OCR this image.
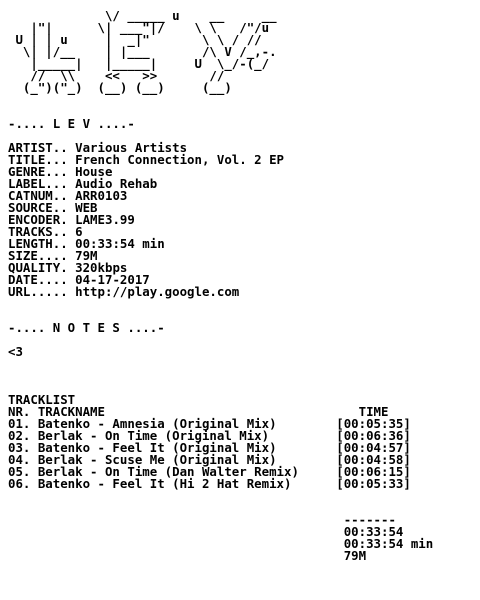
\/ _____ u    __     __
|"|      \| ___"|/    \ \   /"/u
U | | u     |  _|"       \ \ / //
\| |/__    | |___       /\ V /_,-.
|_____|   |_____|     U  \_/-(_/
//  \\    <<   >>       //
(_")("_)  (__) (__)     (__)
-.... L E V ....-
ARTIST.. Various Artists
TITLE... French Connection, Vol. 2 EP
GENRE... House
LABEL... Audio Rehab
CATNUM.. ARR0103
SOURCE.. WEB
ENCODER. LAME3.99
TRACKS.. 6
LENGTH.. 00:33:54 min
SIZE.... 79M
QUALITY. 320kbps
DATE.... 04-17-2017
URL..... http://play.google.com
-.... N O T E S ....-
<3
TRACKLIST
NR. TRACKNAME                                  TIME
01. Batenko - Amnesia (Original Mix)        [00:05:35]
02. Berlak - On Time (Original Mix)         [00:06:36]
03. Batenko - Feel It (Original Mix)        [00:04:57]
04. Berlak - Scuse Me (Original Mix)        [00:04:58]
05. Berlak - On Time (Dan Walter Remix)     [00:06:15]
06. Batenko - Feel It (Hi 2 Hat Remix)      [00:05:33]
-------
00:33:54
00:33:54 min
79M
